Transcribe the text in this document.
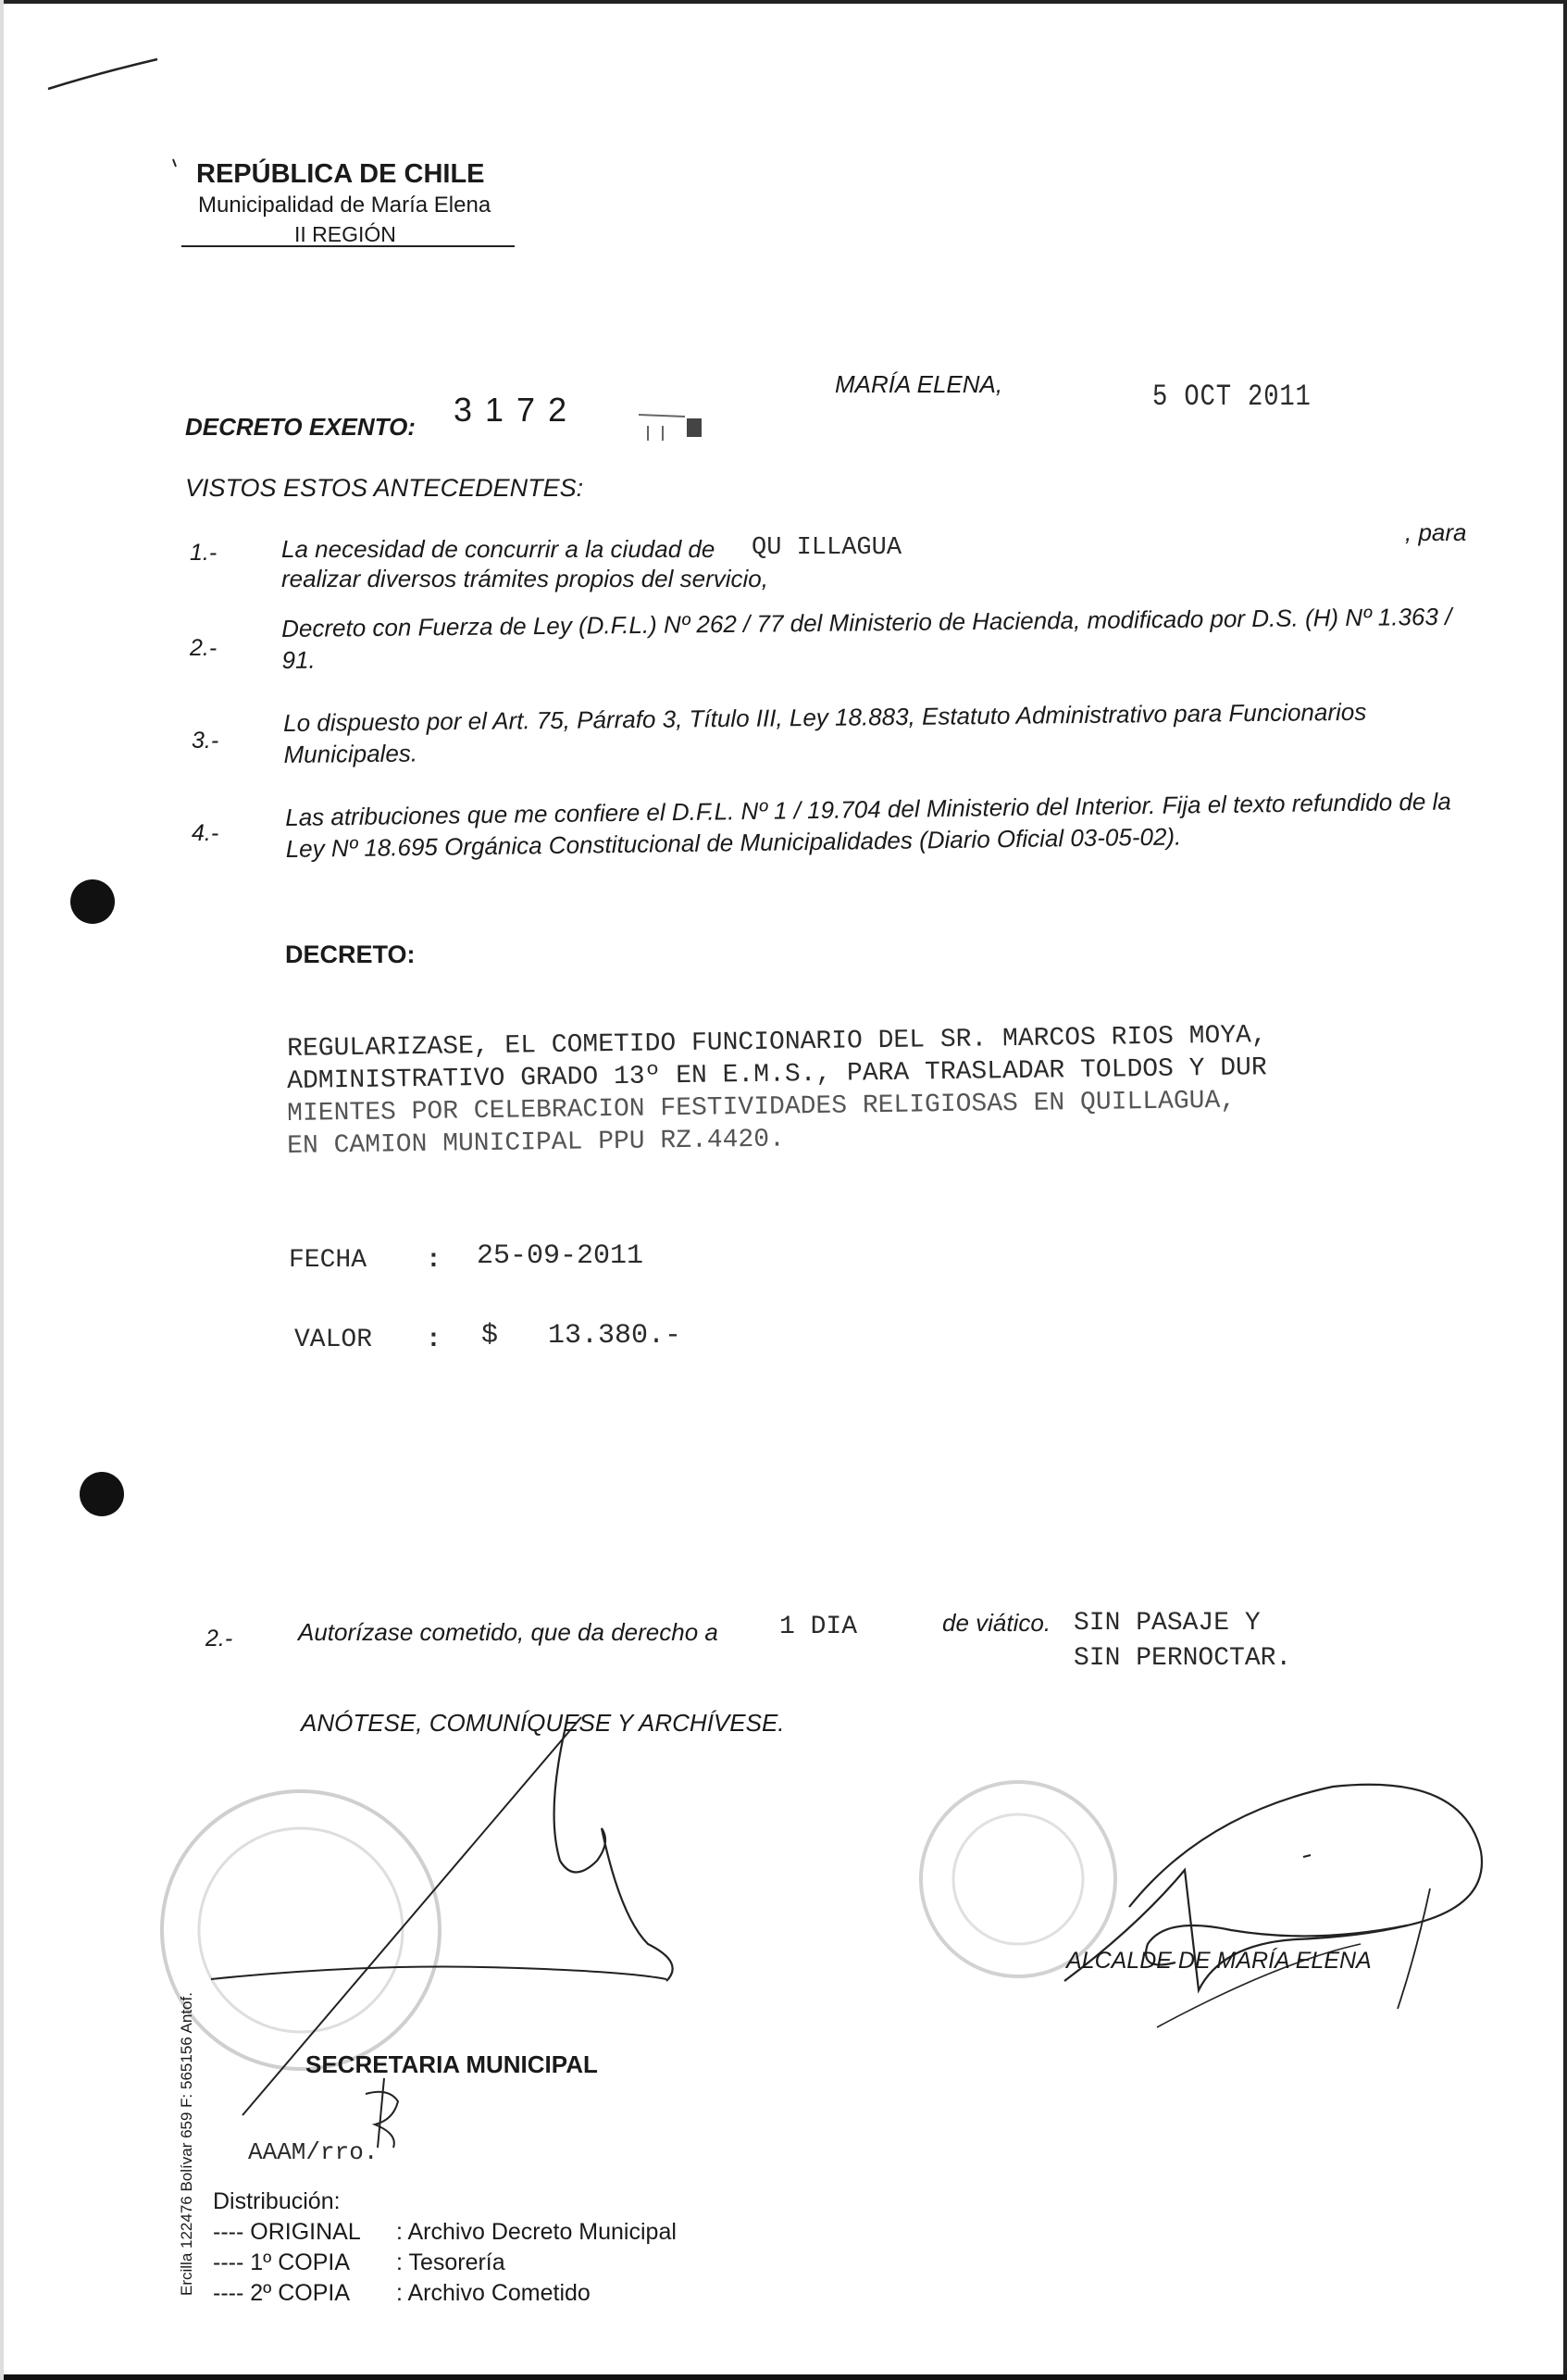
REPÚBLICA DE CHILE
Municipalidad de María Elena
II REGIÓN
DECRETO EXENTO: 3 1 7 2
MARÍA ELENA,	5 OCT 2011
VISTOS ESTOS ANTECEDENTES:
1.-	La necesidad de concurrir a la ciudad de QU ILLAGUA
, para
realizar diversos trámites propios del servicio,
2.-
Decreto con Fuerza de Ley (D.F.L.) Nº 262 / 77 del Ministerio de Hacienda, modificado por D.S. (H) Nº 1.363 / 91.
3.-
Lo dispuesto por el Art. 75, Párrafo 3, Título III, Ley 18.883, Estatuto Administrativo para Funcionarios Municipales.
4.-
Las atribuciones que me confiere el D.F.L. Nº 1 / 19.704 del Ministerio del Interior. Fija el texto refundido de la Ley Nº 18.695 Orgánica Constitucional de Municipalidades (Diario Oficial 03-05-02).
DECRETO:
REGULARIZASE, EL COMETIDO FUNCIONARIO DEL SR. MARCOS RIOS MOYA,
ADMINISTRATIVO GRADO 13º EN E.M.S., PARA TRASLADAR TOLDOS Y DUR
MIENTES POR CELEBRACION FESTIVIDADES RELIGIOSAS EN QUILLAGUA,
EN CAMION MUNICIPAL PPU RZ.4420.
FECHA : 25-09-2011
VALOR : $   13.380.-
2.-	Autorízase cometido, que da derecho a 1 DIA	de viático. SIN PASAJE Y
SIN PERNOCTAR.
ANÓTESE, COMUNÍQUESE Y ARCHÍVESE.
ALCALDE DE MARÍA ELENA
SECRETARIA MUNICIPAL
AAAM/rro.
Distribución:
---- ORIGINAL : Archivo Decreto Municipal
---- 1º COPIA : Tesorería
---- 2º COPIA : Archivo Cometido
Ercilla 122476 Bolívar 659 F: 565156 Antof.
